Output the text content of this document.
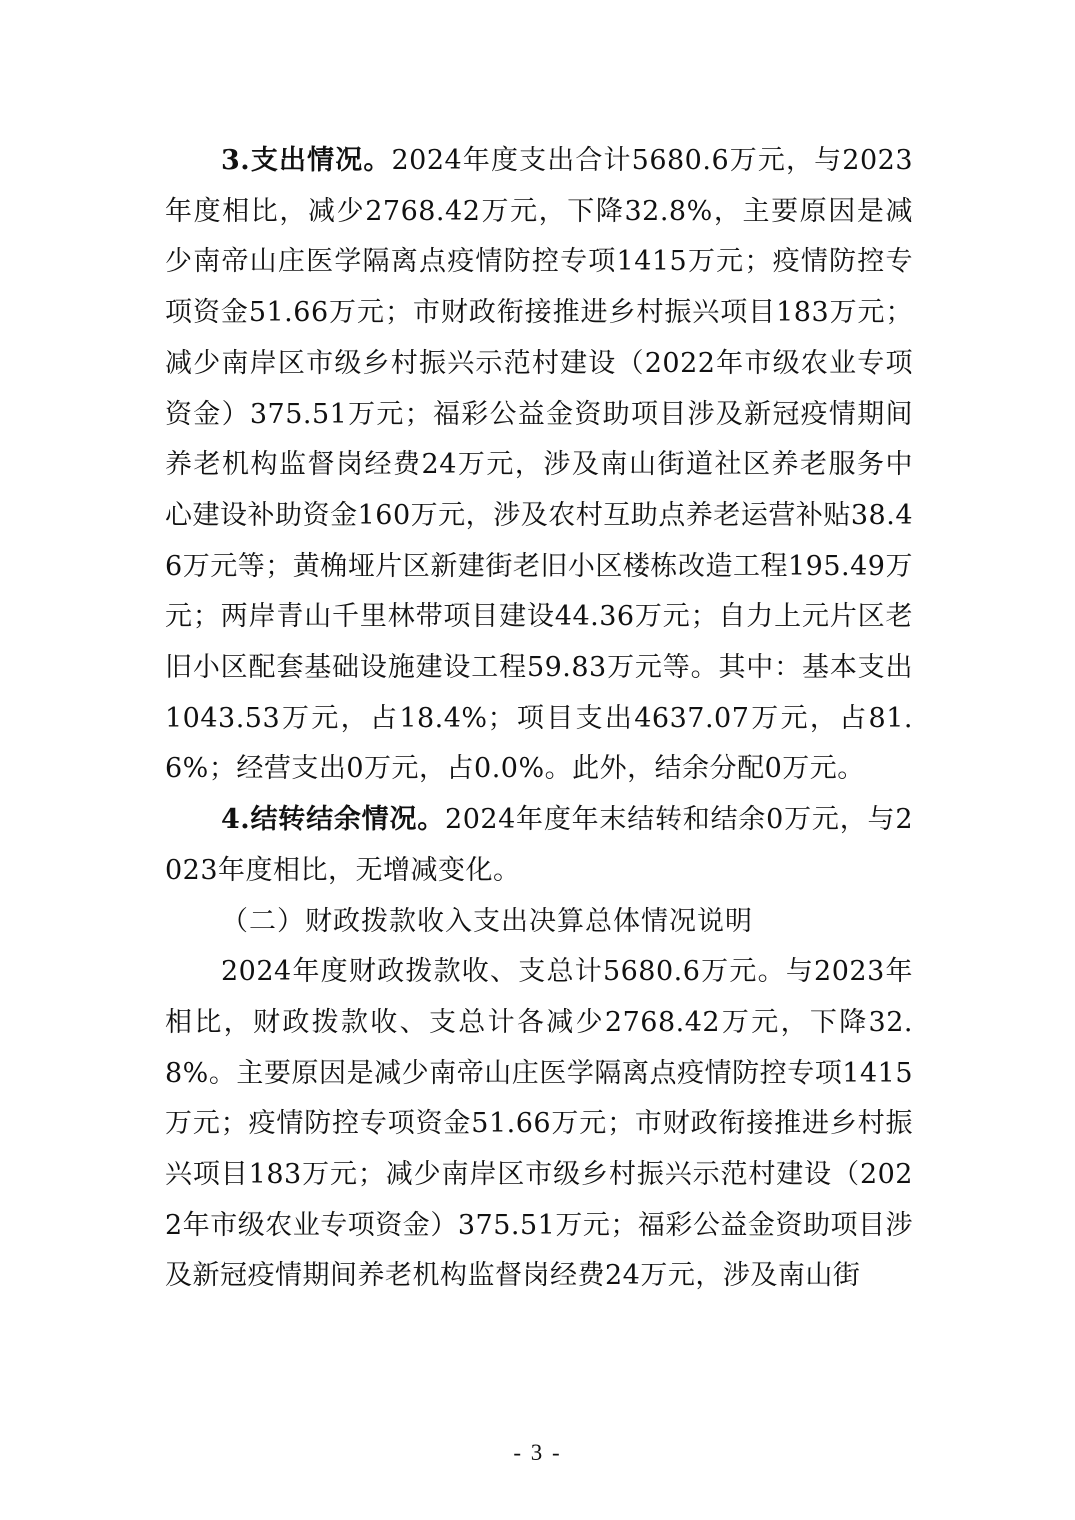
3.支出情况。2024年度支出合计5680.6万元，与2023年度相比，减少2768.42万元，下降32.8%，主要原因是减少南帝山庄医学隔离点疫情防控专项1415万元；疫情防控专项资金51.66万元；市财政衔接推进乡村振兴项目183万元；减少南岸区市级乡村振兴示范村建设（2022年市级农业专项资金）375.51万元；福彩公益金资助项目涉及新冠疫情期间养老机构监督岗经费24万元，涉及南山街道社区养老服务中心建设补助资金160万元，涉及农村互助点养老运营补贴38.46万元等；黄桷垭片区新建街老旧小区楼栋改造工程195.49万元；两岸青山千里林带项目建设44.36万元；自力上元片区老旧小区配套基础设施建设工程59.83万元等。其中：基本支出1043.53万元，占18.4%；项目支出4637.07万元，占81.6%；经营支出0万元，占0.0%。此外，结余分配0万元。

4.结转结余情况。2024年度年末结转和结余0万元，与2023年度相比，无增减变化。

（二）财政拨款收入支出决算总体情况说明

2024年度财政拨款收、支总计5680.6万元。与2023年相比，财政拨款收、支总计各减少2768.42万元，下降32.8%。主要原因是减少南帝山庄医学隔离点疫情防控专项1415万元；疫情防控专项资金51.66万元；市财政衔接推进乡村振兴项目183万元；减少南岸区市级乡村振兴示范村建设（2022年市级农业专项资金）375.51万元；福彩公益金资助项目涉及新冠疫情期间养老机构监督岗经费24万元，涉及南山街

- 3 -
